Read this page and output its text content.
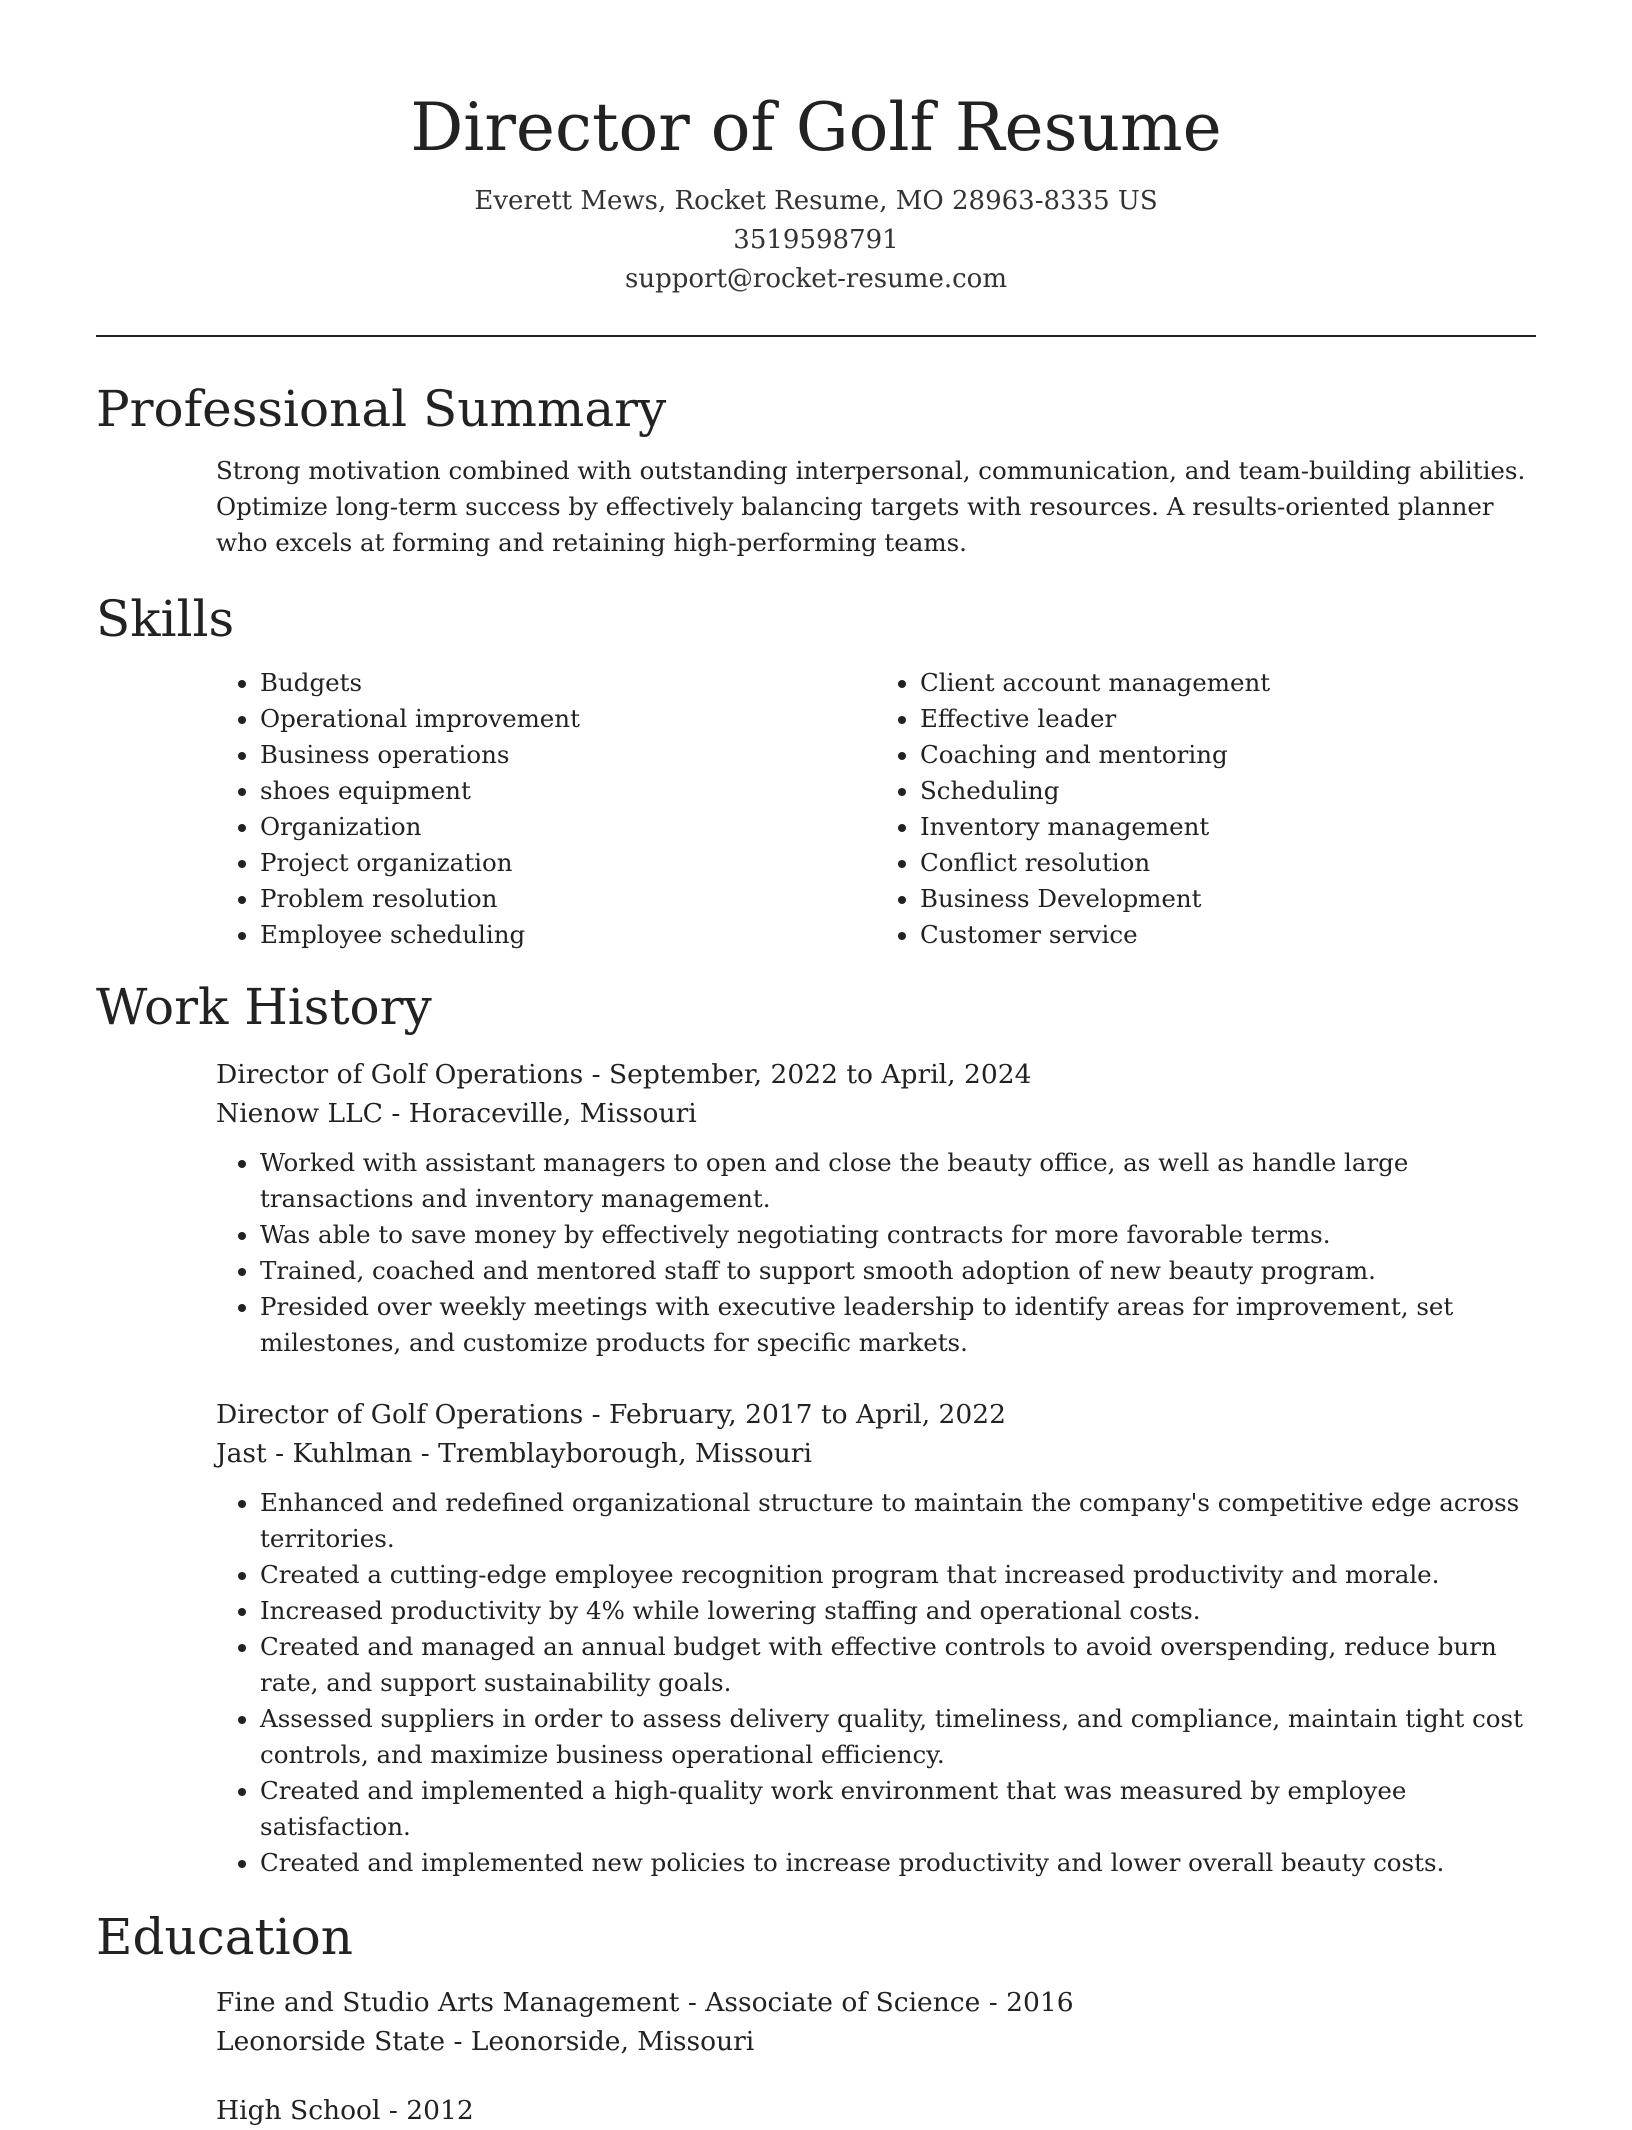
Director of Golf Resume
Everett Mews, Rocket Resume, MO 28963-8335 US
3519598791
support@rocket-resume.com
Professional Summary

Strong motivation combined with outstanding interpersonal, communication, and team-building abilities. Optimize long-term success by effectively balancing targets with resources. A results-oriented planner who excels at forming and retaining high-performing teams.

Skills
• Budgets
• Operational improvement
• Business operations
• shoes equipment
• Organization
• Project organization
• Problem resolution
• Employee scheduling
• Client account management
• Effective leader
• Coaching and mentoring
• Scheduling
• Inventory management
• Conflict resolution
• Business Development
• Customer service
Work History
Director of Golf Operations - September, 2022 to April, 2024
Nienow LLC - Horaceville, Missouri
• Worked with assistant managers to open and close the beauty office, as well as handle large transactions and inventory management.
• Was able to save money by effectively negotiating contracts for more favorable terms.
• Trained, coached and mentored staff to support smooth adoption of new beauty program.
• Presided over weekly meetings with executive leadership to identify areas for improvement, set milestones, and customize products for specific markets.
Director of Golf Operations - February, 2017 to April, 2022
Jast - Kuhlman - Tremblayborough, Missouri
• Enhanced and redefined organizational structure to maintain the company's competitive edge across territories.
• Created a cutting-edge employee recognition program that increased productivity and morale.
• Increased productivity by 4% while lowering staffing and operational costs.
• Created and managed an annual budget with effective controls to avoid overspending, reduce burn rate, and support sustainability goals.
• Assessed suppliers in order to assess delivery quality, timeliness, and compliance, maintain tight cost controls, and maximize business operational efficiency.
• Created and implemented a high-quality work environment that was measured by employee satisfaction.
• Created and implemented new policies to increase productivity and lower overall beauty costs.
Education
Fine and Studio Arts Management - Associate of Science - 2016
Leonorside State - Leonorside, Missouri
High School - 2012
